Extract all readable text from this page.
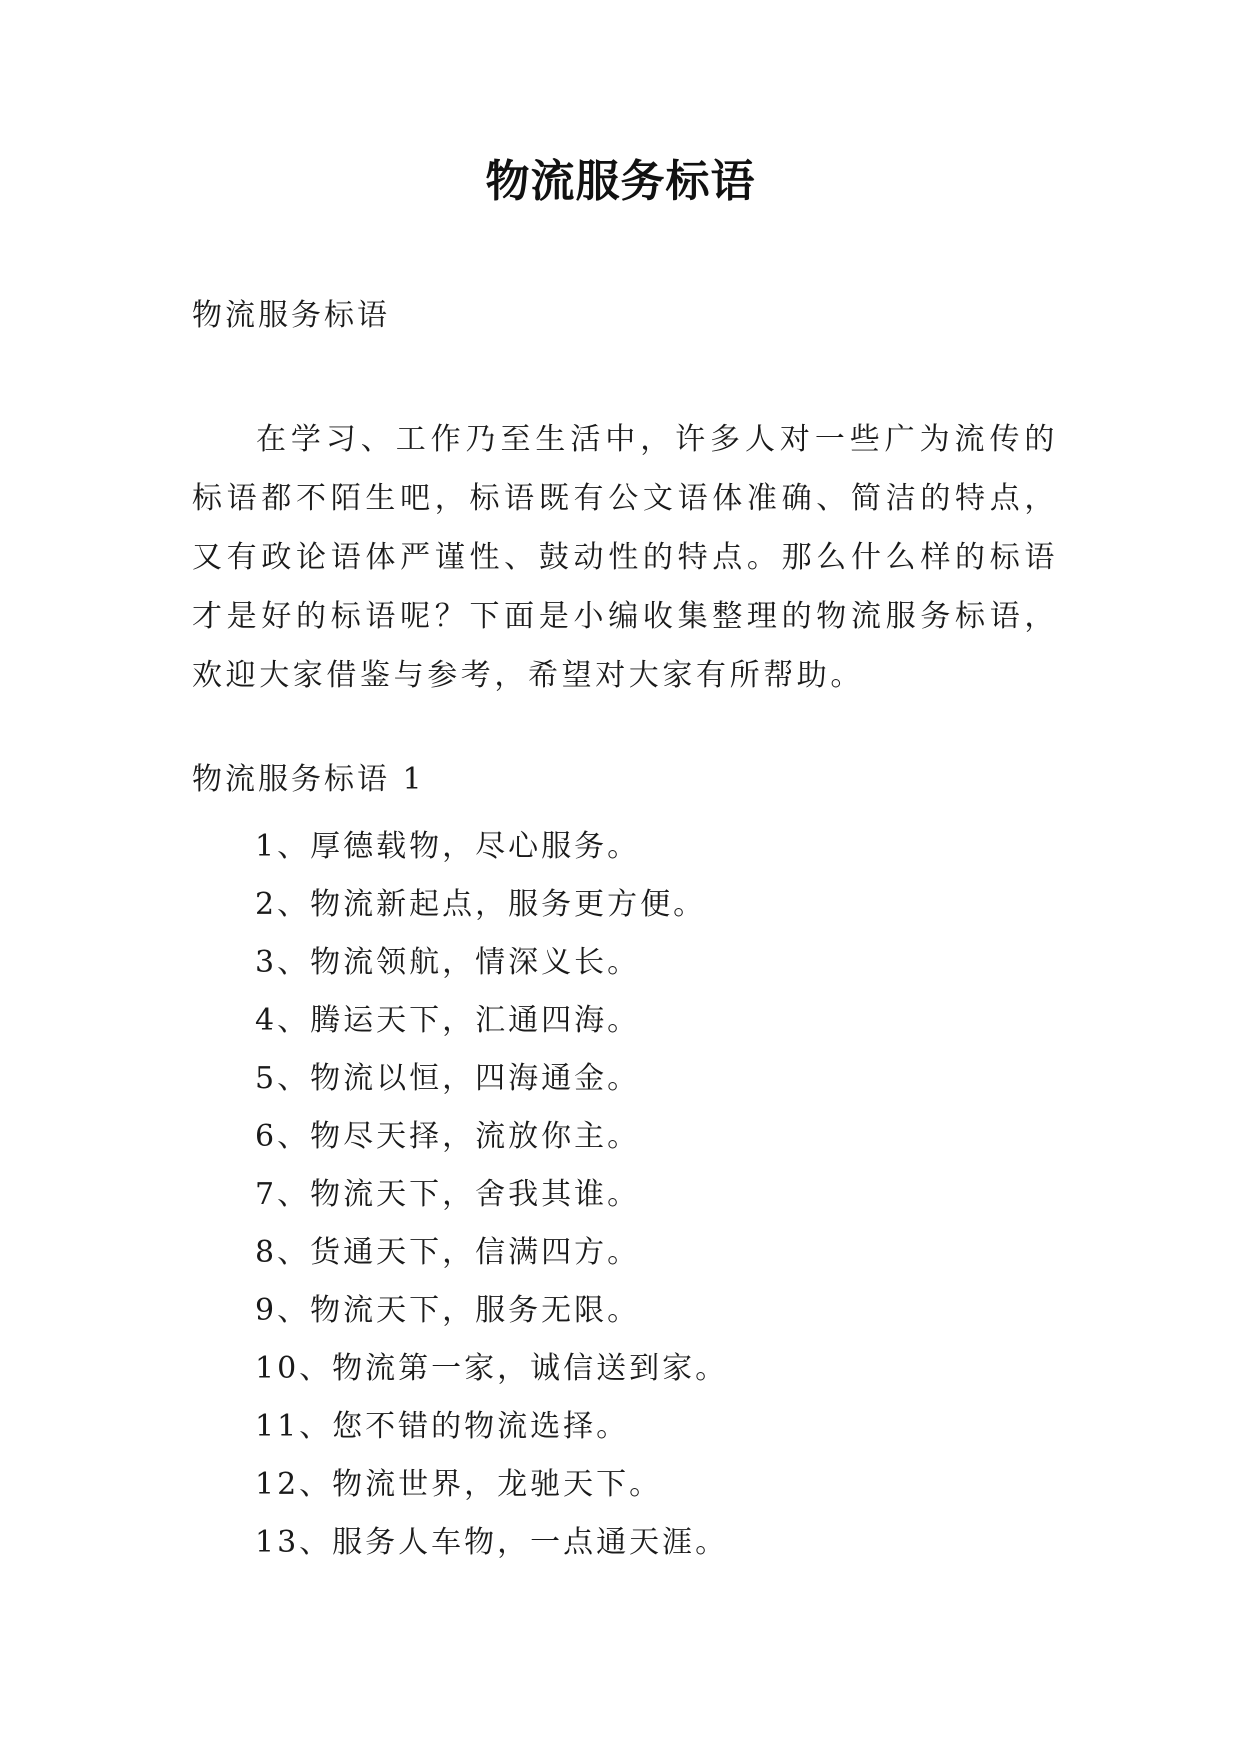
物流服务标语
物流服务标语

在学习、工作乃至生活中，许多人对一些广为流传的标语都不陌生吧，标语既有公文语体准确、简洁的特点，又有政论语体严谨性、鼓动性的特点。那么什么样的标语才是好的标语呢？下面是小编收集整理的物流服务标语，欢迎大家借鉴与参考，希望对大家有所帮助。

物流服务标语 1
1、厚德载物，尽心服务。
2、物流新起点，服务更方便。
3、物流领航，情深义长。
4、腾运天下，汇通四海。
5、物流以恒，四海通金。
6、物尽天择，流放你主。
7、物流天下，舍我其谁。
8、货通天下，信满四方。
9、物流天下，服务无限。
10、物流第一家，诚信送到家。
11、您不错的物流选择。
12、物流世界，龙驰天下。
13、服务人车物，一点通天涯。
